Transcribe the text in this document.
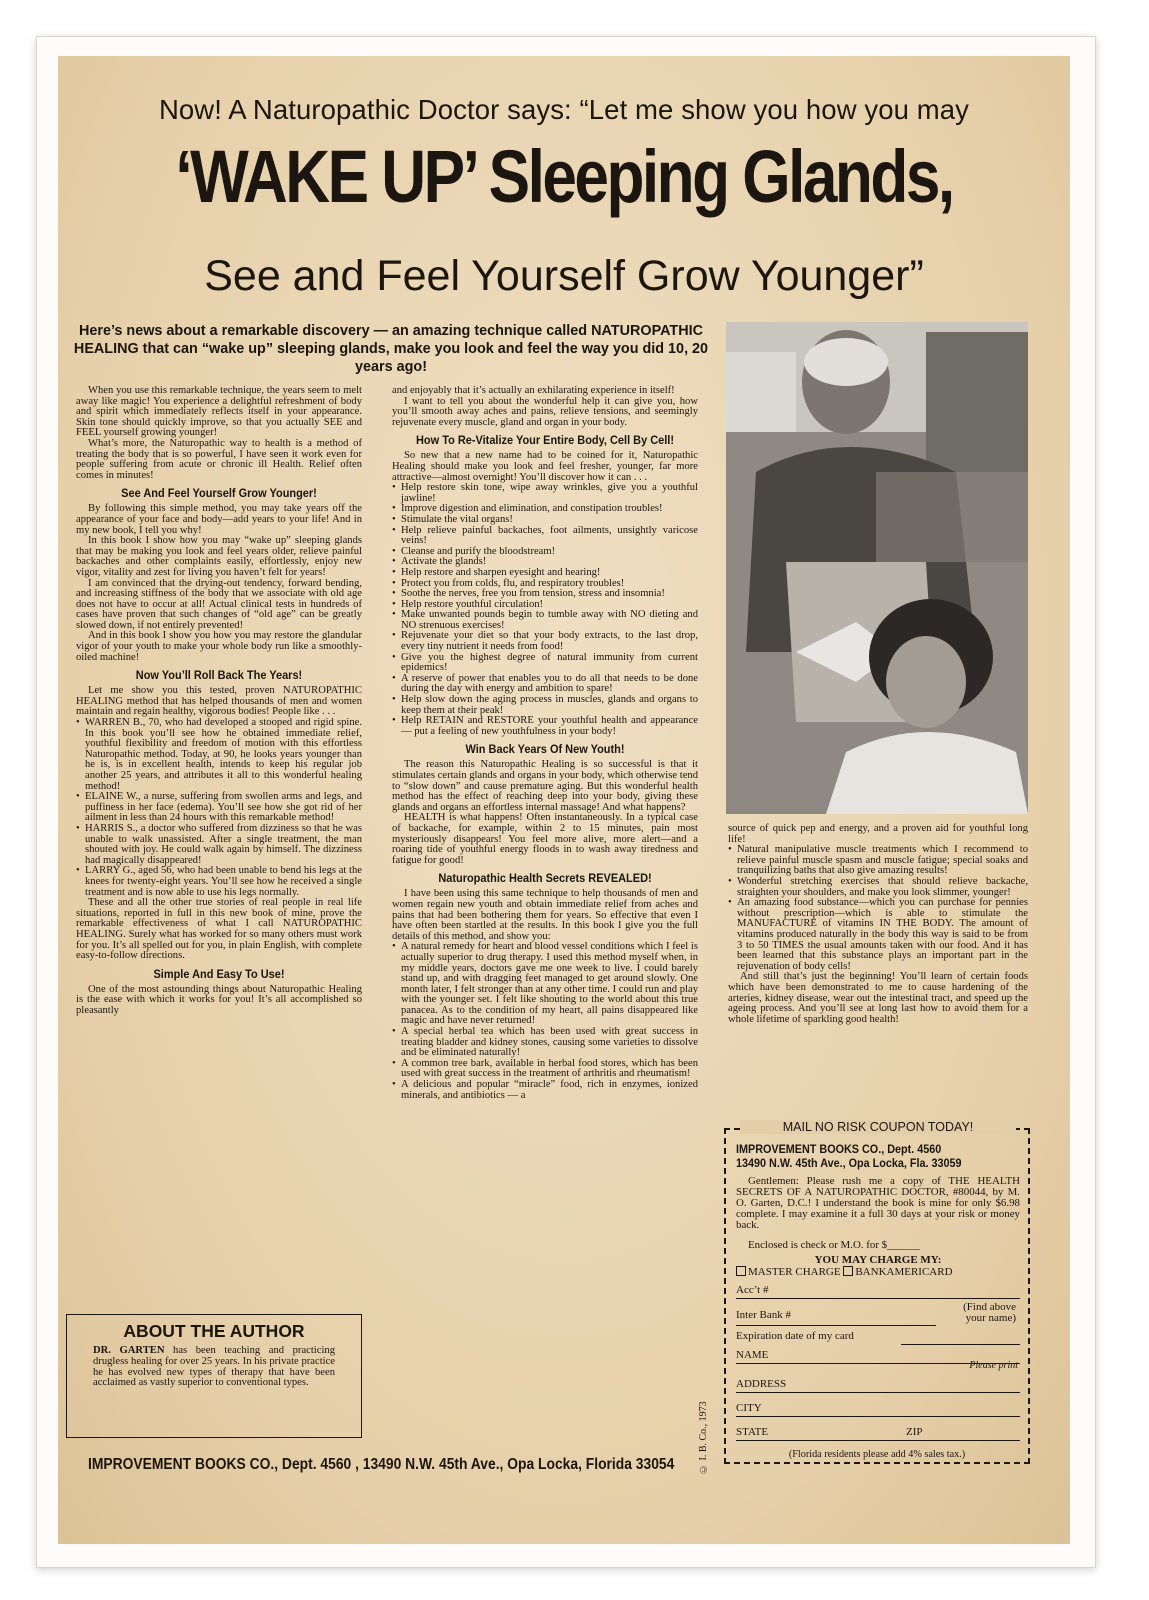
Now! A Naturopathic Doctor says: “Let me show you how you may
‘WAKE UP’ Sleeping Glands,
See and Feel Yourself Grow Younger”
Here’s news about a remarkable discovery — an amazing technique called NATUROPATHIC HEALING that can “wake up” sleeping glands, make you look and feel the way you did 10, 20 years ago!

When you use this remarkable technique, the years seem to melt away like magic! You experience a delightful refreshment of body and spirit which immediately reflects itself in your appearance. Skin tone should quickly improve, so that you actually SEE and FEEL yourself growing younger!

What’s more, the Naturopathic way to health is a method of treating the body that is so powerful, I have seen it work even for people suffering from acute or chronic ill Health. Relief often comes in minutes!

See And Feel Yourself Grow Younger!

By following this simple method, you may take years off the appearance of your face and body—add years to your life! And in my new book, I tell you why!

In this book I show how you may “wake up” sleeping glands that may be making you look and feel years older, relieve painful backaches and other complaints easily, effortlessly, enjoy new vigor, vitality and zest for living you haven’t felt for years!

I am convinced that the drying-out tendency, forward bending, and increasing stiffness of the body that we associate with old age does not have to occur at all! Actual clinical tests in hundreds of cases have proven that such changes of “old age” can be greatly slowed down, if not entirely prevented!

And in this book I show you how you may restore the glandular vigor of your youth to make your whole body run like a smoothly-oiled machine!

Now You’ll Roll Back The Years!

Let me show you this tested, proven NATUROPATHIC HEALING method that has helped thousands of men and women maintain and regain healthy, vigorous bodies! People like . . .

• WARREN B., 70, who had developed a stooped and rigid spine. In this book you’ll see how he obtained immediate relief, youthful flexibility and freedom of motion with this effortless Naturopathic method. Today, at 90, he looks years younger than he is, is in excellent health, intends to keep his regular job another 25 years, and attributes it all to this wonderful healing method!
• ELAINE W., a nurse, suffering from swollen arms and legs, and puffiness in her face (edema). You’ll see how she got rid of her ailment in less than 24 hours with this remarkable method!
• HARRIS S., a doctor who suffered from dizziness so that he was unable to walk unassisted. After a single treatment, the man shouted with joy. He could walk again by himself. The dizziness had magically disappeared!
• LARRY G., aged 56, who had been unable to bend his legs at the knees for twenty-eight years. You’ll see how he received a single treatment and is now able to use his legs normally.

These and all the other true stories of real people in real life situations, reported in full in this new book of mine, prove the remarkable effectiveness of what I call NATUROPATHIC HEALING. Surely what has worked for so many others must work for you. It’s all spelled out for you, in plain English, with complete easy-to-follow directions.

Simple And Easy To Use!

One of the most astounding things about Naturopathic Healing is the ease with which it works for you! It’s all accomplished so pleasantly

and enjoyably that it’s actually an exhilarating experience in itself!

I want to tell you about the wonderful help it can give you, how you’ll smooth away aches and pains, relieve tensions, and seemingly rejuvenate every muscle, gland and organ in your body.

How To Re-Vitalize Your Entire Body, Cell By Cell!

So new that a new name had to be coined for it, Naturopathic Healing should make you look and feel fresher, younger, far more attractive—almost overnight! You’ll discover how it can . . .

• Help restore skin tone, wipe away wrinkles, give you a youthful jawline!
• Improve digestion and elimination, and constipation troubles!
• Stimulate the vital organs!
• Help relieve painful backaches, foot ailments, unsightly varicose veins!
• Cleanse and purify the bloodstream!
• Activate the glands!
• Help restore and sharpen eyesight and hearing!
• Protect you from colds, flu, and respiratory troubles!
• Soothe the nerves, free you from tension, stress and insomnia!
• Help restore youthful circulation!
• Make unwanted pounds begin to tumble away with NO dieting and NO strenuous exercises!
• Rejuvenate your diet so that your body extracts, to the last drop, every tiny nutrient it needs from food!
• Give you the highest degree of natural immunity from current epidemics!
• A reserve of power that enables you to do all that needs to be done during the day with energy and ambition to spare!
• Help slow down the aging process in muscles, glands and organs to keep them at their peak!
• Help RETAIN and RESTORE your youthful health and appearance — put a feeling of new youthfulness in your body!
Win Back Years Of New Youth!

The reason this Naturopathic Healing is so successful is that it stimulates certain glands and organs in your body, which otherwise tend to “slow down” and cause premature aging. But this wonderful health method has the effect of reaching deep into your body, giving these glands and organs an effortless internal massage! And what happens?

HEALTH is what happens! Often instantaneously. In a typical case of backache, for example, within 2 to 15 minutes, pain most mysteriously disappears! You feel more alive, more alert—and a roaring tide of youthful energy floods in to wash away tiredness and fatigue for good!

Naturopathic Health Secrets REVEALED!

I have been using this same technique to help thousands of men and women regain new youth and obtain immediate relief from aches and pains that had been bothering them for years. So effective that even I have often been startled at the results. In this book I give you the full details of this method, and show you:

• A natural remedy for heart and blood vessel conditions which I feel is actually superior to drug therapy. I used this method myself when, in my middle years, doctors gave me one week to live. I could barely stand up, and with dragging feet managed to get around slowly. One month later, I felt stronger than at any other time. I could run and play with the younger set. I felt like shouting to the world about this true panacea. As to the condition of my heart, all pains disappeared like magic and have never returned!
• A special herbal tea which has been used with great success in treating bladder and kidney stones, causing some varieties to dissolve and be eliminated naturally!
• A common tree bark, available in herbal food stores, which has been used with great success in the treatment of arthritis and rheumatism!
• A delicious and popular “miracle” food, rich in enzymes, ionized minerals, and antibiotics — a

source of quick pep and energy, and a proven aid for youthful long life!

• Natural manipulative muscle treatments which I recommend to relieve painful muscle spasm and muscle fatigue; special soaks and tranquilizing baths that also give amazing results!
• Wonderful stretching exercises that should relieve backache, straighten your shoulders, and make you look slimmer, younger!
• An amazing food substance—which you can purchase for pennies without prescription—which is able to stimulate the MANUFACTURE of vitamins IN THE BODY. The amount of vitamins produced naturally in the body this way is said to be from 3 to 50 TIMES the usual amounts taken with our food. And it has been learned that this substance plays an important part in the rejuvenation of body cells!

And still that’s just the beginning! You’ll learn of certain foods which have been demonstrated to me to cause hardening of the arteries, kidney disease, wear out the intestinal tract, and speed up the ageing process. And you’ll see at long last how to avoid them for a whole lifetime of sparkling good health!

ABOUT THE AUTHOR
DR. GARTEN has been teaching and practicing drugless healing for over 25 years. In his private practice he has evolved new types of therapy that have been acclaimed as vastly superior to conventional types.
© I. B. Co., 1973
IMPROVEMENT BOOKS CO., Dept. 4560 , 13490 N.W. 45th Ave., Opa Locka, Florida 33054
MAIL NO RISK COUPON TODAY!
IMPROVEMENT BOOKS CO., Dept. 4560
13490 N.W. 45th Ave., Opa Locka, Fla. 33059
Gentlemen: Please rush me a copy of THE HEALTH SECRETS OF A NATUROPATHIC DOCTOR, #80044, by M. O. Garten, D.C.! I understand the book is mine for only $6.98 complete. I may examine it a full 30 days at your risk or money back.
Enclosed is check or M.O. for $______
YOU MAY CHARGE MY:
MASTER CHARGE BANKAMERICARD
Acc’t #
Inter Bank #
(Find above
your name)
Expiration date of my card
NAME
Please print
ADDRESS
CITY
STATE	ZIP
(Florida residents please add 4% sales tax.)
